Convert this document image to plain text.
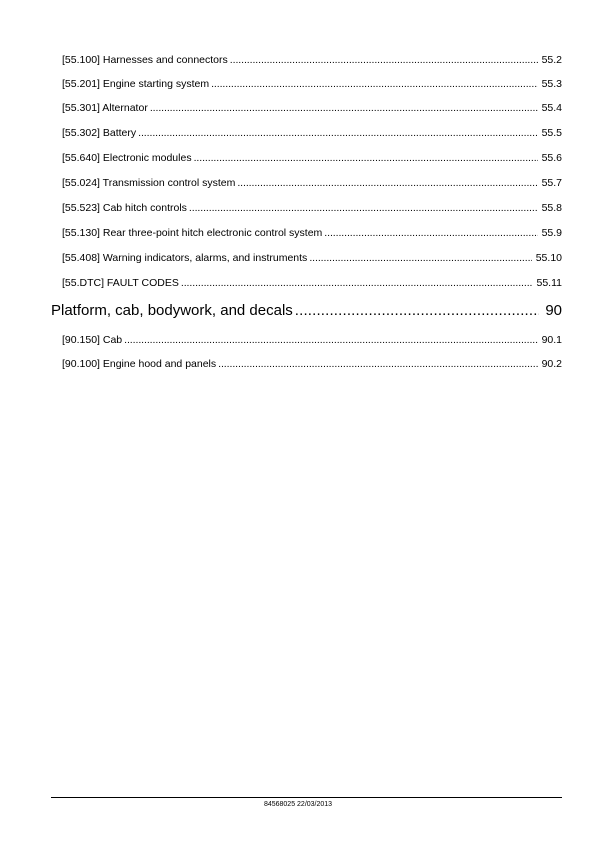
[55.100] Harnesses and connectors . . .	55.2
[55.201] Engine starting system . . .	55.3
[55.301] Alternator . . .	55.4
[55.302] Battery . . .	55.5
[55.640] Electronic modules . . .	55.6
[55.024] Transmission control system . . .	55.7
[55.523] Cab hitch controls . . .	55.8
[55.130] Rear three-point hitch electronic control system . . .	55.9
[55.408] Warning indicators, alarms, and instruments . . .	55.10
[55.DTC] FAULT CODES . . .	55.11
Platform, cab, bodywork, and decals . . .	90
[90.150] Cab . . .	90.1
[90.100] Engine hood and panels . . .	90.2
84568025 22/03/2013
